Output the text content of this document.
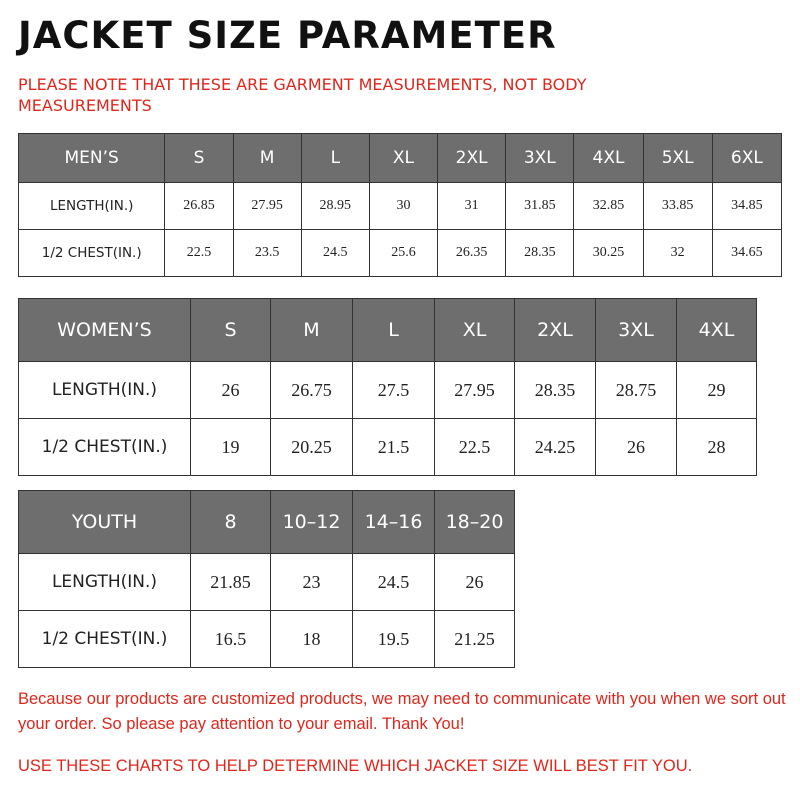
JACKET SIZE PARAMETER

PLEASE NOTE THAT THESE ARE GARMENT MEASUREMENTS, NOT BODY MEASUREMENTS

MEN’S	S	M	L	XL	2XL	3XL	4XL	5XL	6XL
LENGTH(IN.)	26.85	27.95	28.95	30	31	31.85	32.85	33.85	34.85
1/2 CHEST(IN.)	22.5	23.5	24.5	25.6	26.35	28.35	30.25	32	34.65
WOMEN’S	S	M	L	XL	2XL	3XL	4XL
LENGTH(IN.)	26	26.75	27.5	27.95	28.35	28.75	29
1/2 CHEST(IN.)	19	20.25	21.5	22.5	24.25	26	28
YOUTH	8	10–12	14–16	18–20
LENGTH(IN.)	21.85	23	24.5	26
1/2 CHEST(IN.)	16.5	18	19.5	21.25

Because our products are customized products, we may need to communicate with you when we sort out your order. So please pay attention to your email. Thank You!

USE THESE CHARTS TO HELP DETERMINE WHICH JACKET SIZE WILL BEST FIT YOU.
